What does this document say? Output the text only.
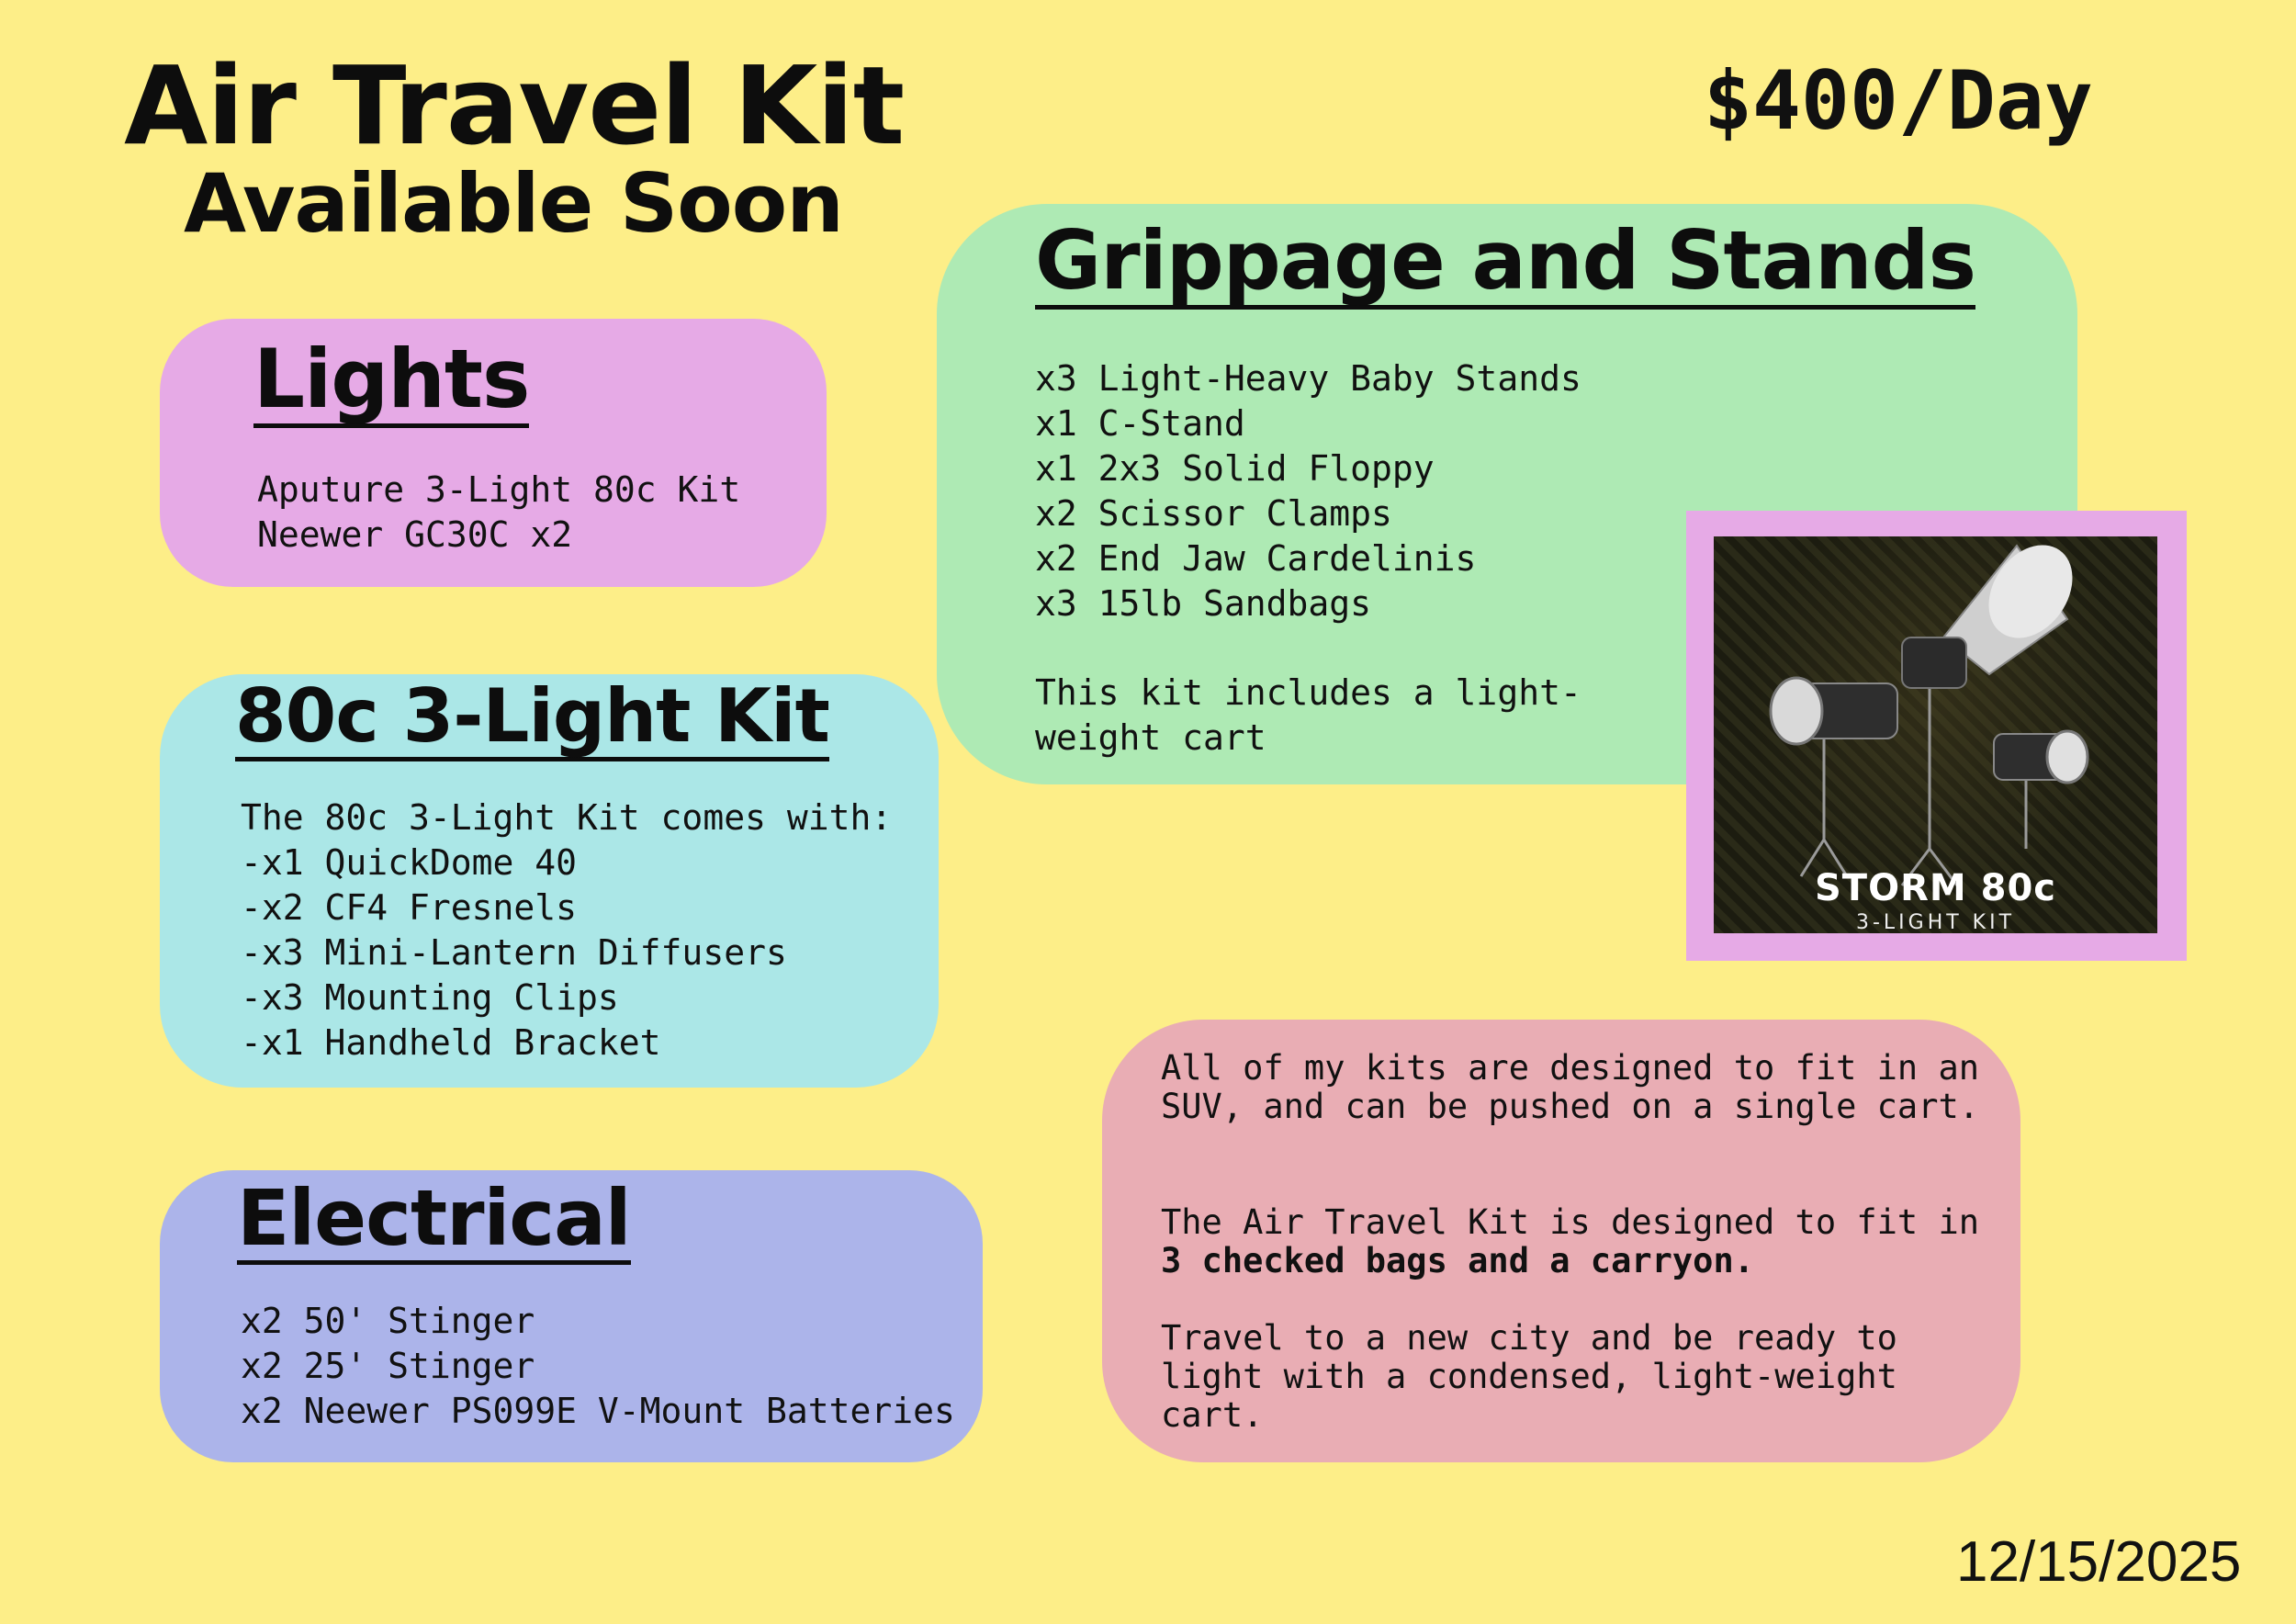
Air Travel Kit
Available Soon
$400/Day
Lights
Aputure 3-Light 80c Kit
Neewer GC30C x2
80c 3-Light Kit
The 80c 3-Light Kit comes with:
-x1 QuickDome 40
-x2 CF4 Fresnels
-x3 Mini-Lantern Diffusers
-x3 Mounting Clips
-x1 Handheld Bracket
Electrical
x2 50' Stinger
x2 25' Stinger
x2 Neewer PS099E V-Mount Batteries
Grippage and Stands
x3 Light-Heavy Baby Stands
x1 C-Stand
x1 2x3 Solid Floppy
x2 Scissor Clamps
x2 End Jaw Cardelinis
x3 15lb Sandbags
This kit includes a light-weight cart
STORM 80c
3-LIGHT KIT

All of my kits are designed to fit in an SUV, and can be pushed on a single cart.

The Air Travel Kit is designed to fit in
3 checked bags and a carryon.

Travel to a new city and be ready to light with a condensed, light-weight cart.

12/15/2025
